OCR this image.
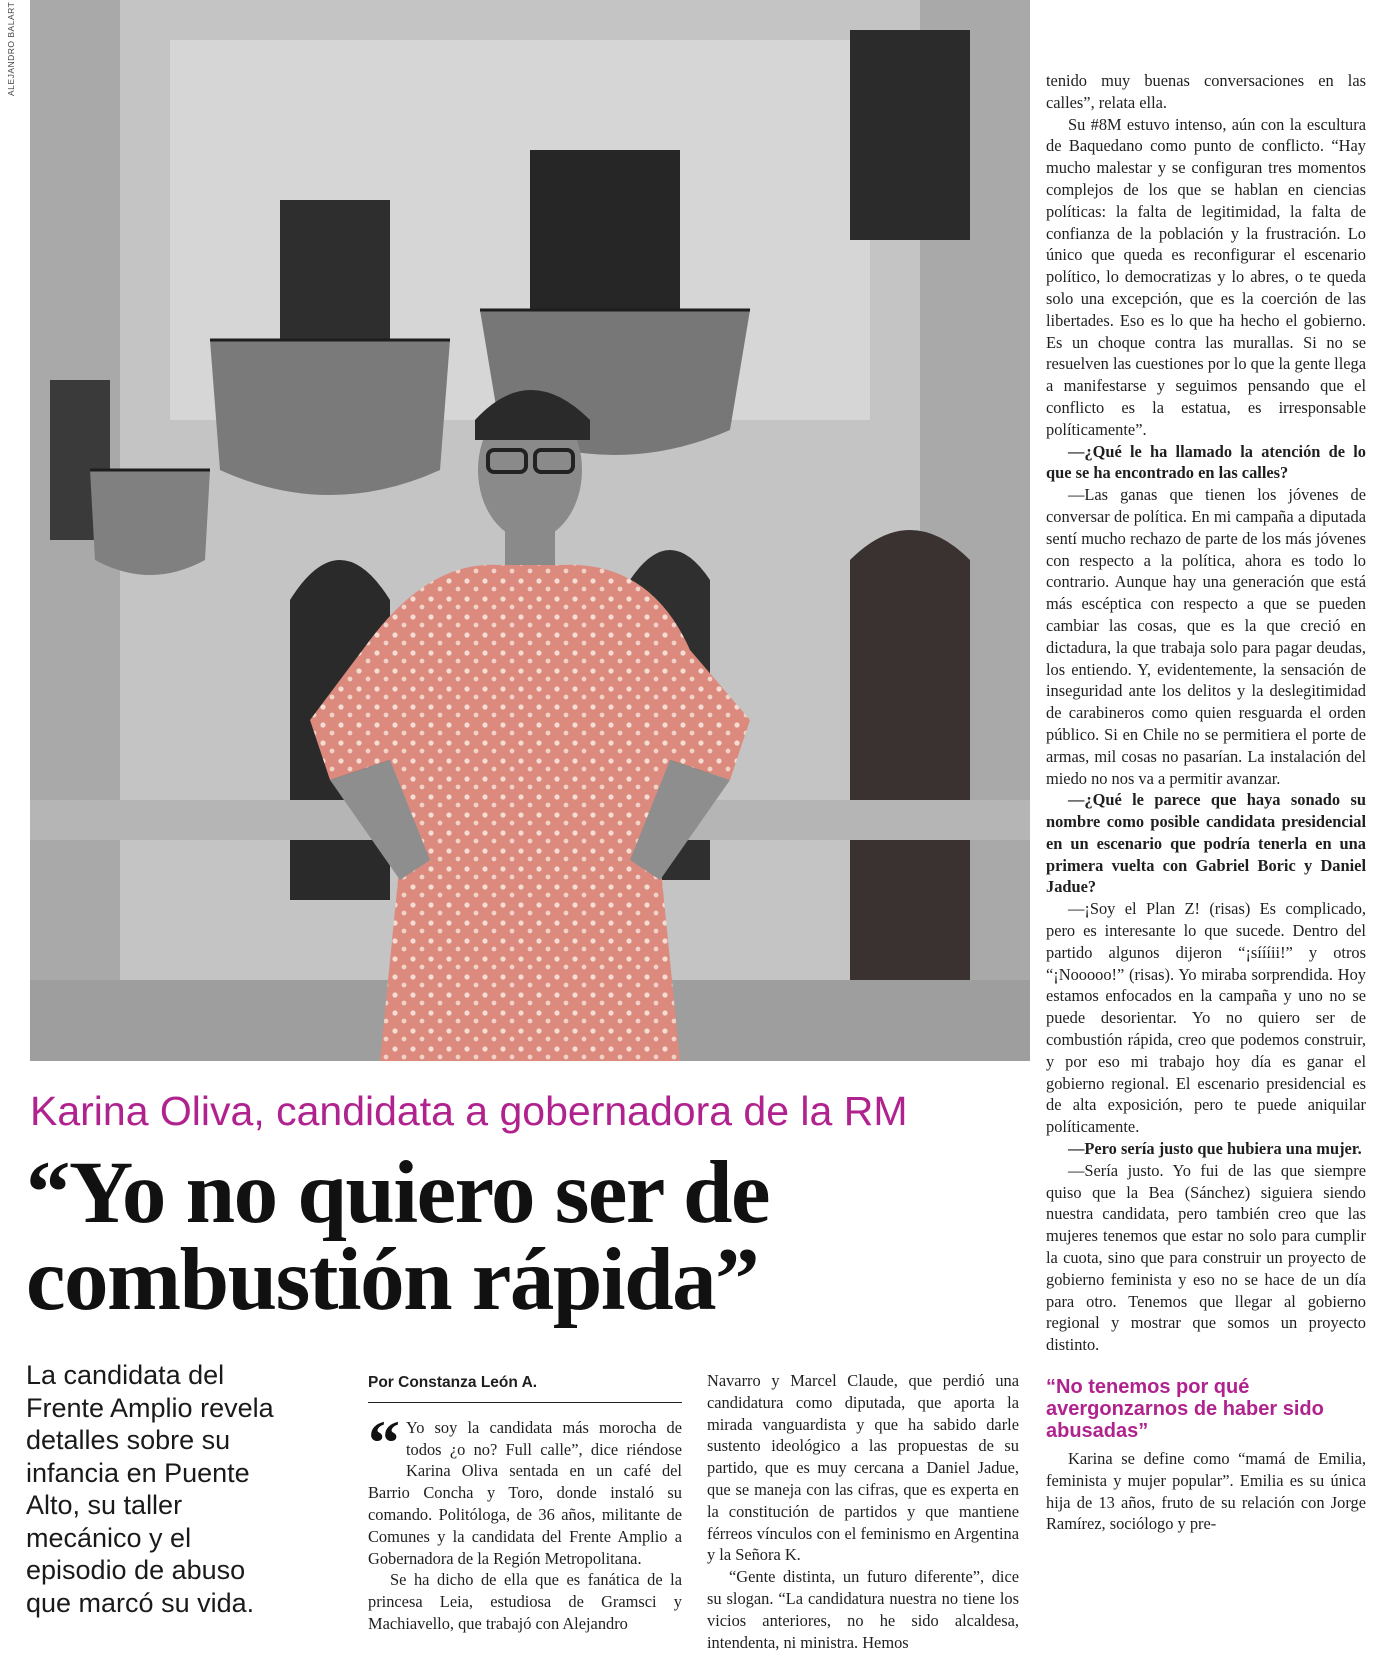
ALEJANDRO BALART
Karina Oliva, candidata a gobernadora de la RM
“Yo no quiero ser de
combustión rápida”
La candidata del
Frente Amplio revela
detalles sobre su
infancia en Puente
Alto, su taller
mecánico y el
episodio de abuso
que marcó su vida.
Por Constanza León A.
“ Yo soy la candidata más morocha de todos ¿o no? Full calle”, dice riéndose Karina Oliva sentada en un café del Barrio Concha y Toro, donde instaló su comando. Politóloga, de 36 años, militante de Comunes y la candidata del Frente Amplio a Gobernadora de la Región Metropolitana.

Se ha dicho de ella que es fanática de la princesa Leia, estudiosa de Gramsci y Machiavello, que trabajó con Alejandro

Navarro y Marcel Claude, que perdió una candidatura como diputada, que aporta la mirada vanguardista y que ha sabido darle sustento ideológico a las propuestas de su partido, que es muy cercana a Daniel Jadue, que se maneja con las cifras, que es experta en la constitución de partidos y que mantiene férreos vínculos con el feminismo en Argentina y la Señora K.

“Gente distinta, un futuro diferente”, dice su slogan. “La candidatura nuestra no tiene los vicios anteriores, no he sido alcaldesa, intendenta, ni ministra. Hemos

tenido muy buenas conversaciones en las calles”, relata ella.

Su #8M estuvo intenso, aún con la escultura de Baquedano como punto de conflicto. “Hay mucho malestar y se configuran tres momentos complejos de los que se hablan en ciencias políticas: la falta de legitimidad, la falta de confianza de la población y la frustración. Lo único que queda es reconfigurar el escenario político, lo democratizas y lo abres, o te queda solo una excepción, que es la coerción de las libertades. Eso es lo que ha hecho el gobierno. Es un choque contra las murallas. Si no se resuelven las cuestiones por lo que la gente llega a manifestarse y seguimos pensando que el conflicto es la estatua, es irresponsable políticamente”.

—¿Qué le ha llamado la atención de lo que se ha encontrado en las calles?

—Las ganas que tienen los jóvenes de conversar de política. En mi campaña a diputada sentí mucho rechazo de parte de los más jóvenes con respecto a la política, ahora es todo lo contrario. Aunque hay una generación que está más escéptica con respecto a que se pueden cambiar las cosas, que es la que creció en dictadura, la que trabaja solo para pagar deudas, los entiendo. Y, evidentemente, la sensación de inseguridad ante los delitos y la deslegitimidad de carabineros como quien resguarda el orden público. Si en Chile no se permitiera el porte de armas, mil cosas no pasarían. La instalación del miedo no nos va a permitir avanzar.

—¿Qué le parece que haya sonado su nombre como posible candidata presidencial en un escenario que podría tenerla en una primera vuelta con Gabriel Boric y Daniel Jadue?

—¡Soy el Plan Z! (risas) Es complicado, pero es interesante lo que sucede. Dentro del partido algunos dijeron “¡síííii!” y otros “¡Nooooo!” (risas). Yo miraba sorprendida. Hoy estamos enfocados en la campaña y uno no se puede desorientar. Yo no quiero ser de combustión rápida, creo que podemos construir, y por eso mi trabajo hoy día es ganar el gobierno regional. El escenario presidencial es de alta exposición, pero te puede aniquilar políticamente.

—Pero sería justo que hubiera una mujer.

—Sería justo. Yo fui de las que siempre quiso que la Bea (Sánchez) siguiera siendo nuestra candidata, pero también creo que las mujeres tenemos que estar no solo para cumplir la cuota, sino que para construir un proyecto de gobierno feminista y eso no se hace de un día para otro. Tenemos que llegar al gobierno regional y mostrar que somos un proyecto distinto.

“No tenemos por qué avergonzarnos de haber sido abusadas”

Karina se define como “mamá de Emilia, feminista y mujer popular”. Emilia es su única hija de 13 años, fruto de su relación con Jorge Ramírez, sociólogo y pre-
